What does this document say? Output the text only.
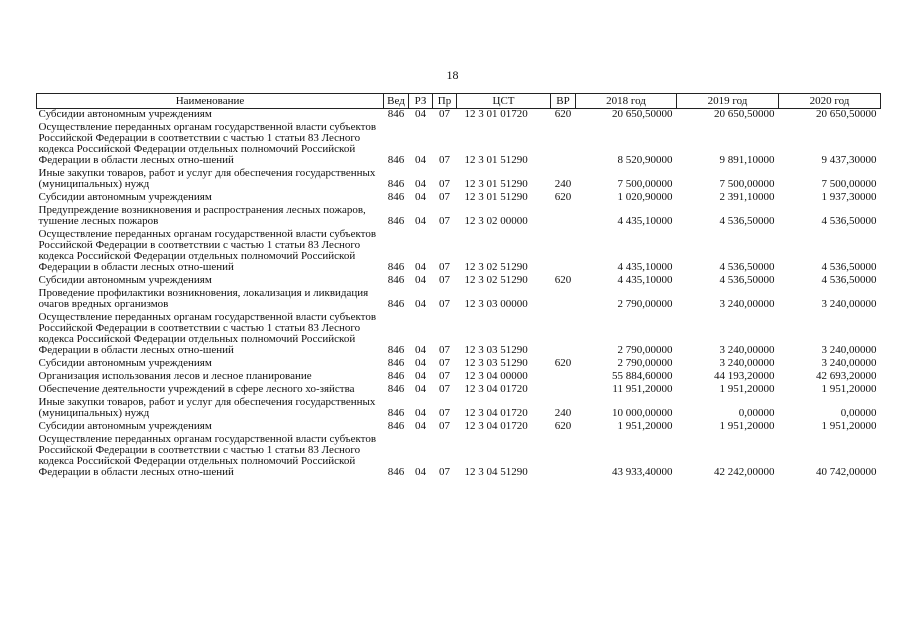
18
Наименование	Вед	РЗ	Пр	ЦСТ	ВР	2018 год	2019 год	2020 год
Субсидии автономным учреждениям	846	04	07	12 3 01 01720	620	20 650,50000	20 650,50000	20 650,50000
Осуществление переданных органам государственной власти субъектов Российской Федерации в соответствии с частью 1 статьи 83 Лесного кодекса Российской Федерации отдельных полномочий Российской Федерации в области лесных отно-шений	846	04	07	12 3 01 51290		8 520,90000	9 891,10000	9 437,30000
Иные закупки товаров, работ и услуг для обеспечения государственных (муниципальных) нужд	846	04	07	12 3 01 51290	240	7 500,00000	7 500,00000	7 500,00000
Субсидии автономным учреждениям	846	04	07	12 3 01 51290	620	1 020,90000	2 391,10000	1 937,30000
Предупреждение возникновения и распространения лесных пожаров, тушение лесных пожаров	846	04	07	12 3 02 00000		4 435,10000	4 536,50000	4 536,50000
Осуществление переданных органам государственной власти субъектов Российской Федерации в соответствии с частью 1 статьи 83 Лесного кодекса Российской Федерации отдельных полномочий Российской Федерации в области лесных отно-шений	846	04	07	12 3 02 51290		4 435,10000	4 536,50000	4 536,50000
Субсидии автономным учреждениям	846	04	07	12 3 02 51290	620	4 435,10000	4 536,50000	4 536,50000
Проведение профилактики возникновения, локализация и ликвидация очагов вредных организмов	846	04	07	12 3 03 00000		2 790,00000	3 240,00000	3 240,00000
Осуществление переданных органам государственной власти субъектов Российской Федерации в соответствии с частью 1 статьи 83 Лесного кодекса Российской Федерации отдельных полномочий Российской Федерации в области лесных отно-шений	846	04	07	12 3 03 51290		2 790,00000	3 240,00000	3 240,00000
Субсидии автономным учреждениям	846	04	07	12 3 03 51290	620	2 790,00000	3 240,00000	3 240,00000
Организация использования лесов и лесное планирование	846	04	07	12 3 04 00000		55 884,60000	44 193,20000	42 693,20000
Обеспечение деятельности учреждений в сфере лесного хо-зяйства	846	04	07	12 3 04 01720		11 951,20000	1 951,20000	1 951,20000
Иные закупки товаров, работ и услуг для обеспечения государственных (муниципальных) нужд	846	04	07	12 3 04 01720	240	10 000,00000	0,00000	0,00000
Субсидии автономным учреждениям	846	04	07	12 3 04 01720	620	1 951,20000	1 951,20000	1 951,20000
Осуществление переданных органам государственной власти субъектов Российской Федерации в соответствии с частью 1 статьи 83 Лесного кодекса Российской Федерации отдельных полномочий Российской Федерации в области лесных отно-шений	846	04	07	12 3 04 51290		43 933,40000	42 242,00000	40 742,00000
